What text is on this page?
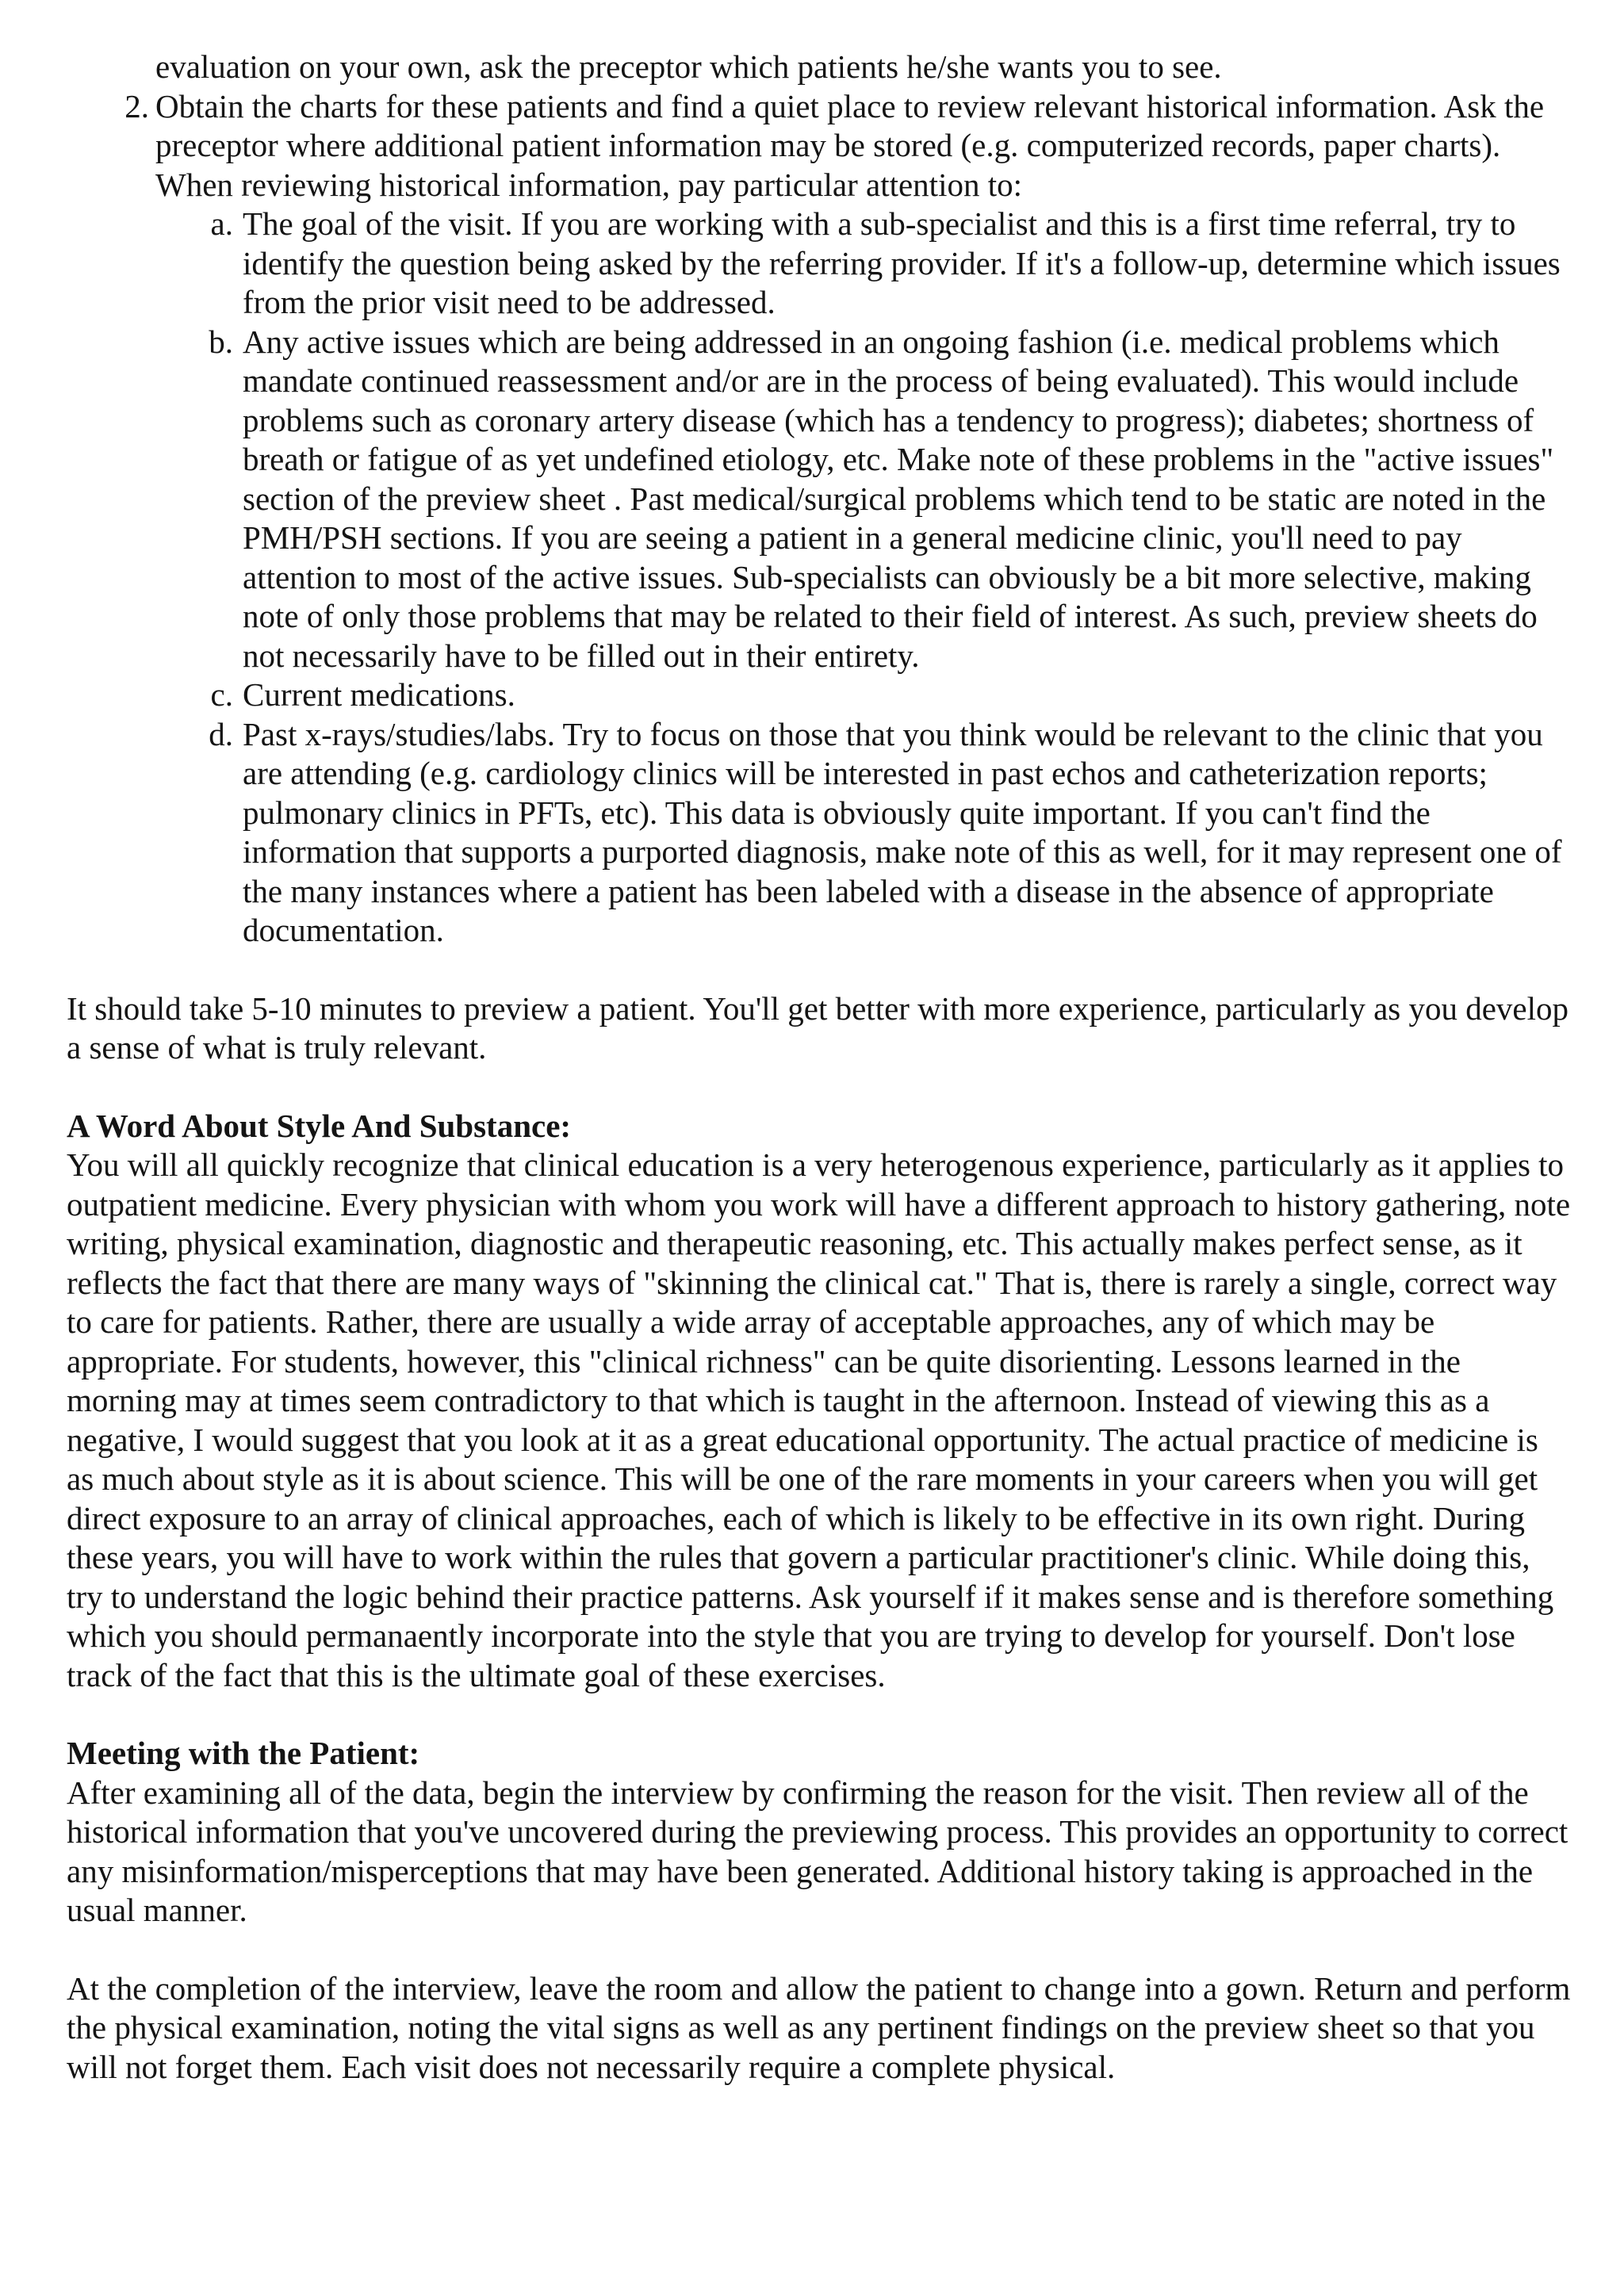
evaluation on your own, ask the preceptor which patients he/she wants you to see.

2. Obtain the charts for these patients and find a quiet place to review relevant historical information. Ask the preceptor where additional patient information may be stored (e.g. computerized records, paper charts). When reviewing historical information, pay particular attention to:
a. The goal of the visit. If you are working with a sub-specialist and this is a first time referral, try to identify the question being asked by the referring provider. If it's a follow-up, determine which issues from the prior visit need to be addressed.
b. Any active issues which are being addressed in an ongoing fashion (i.e. medical problems which mandate continued reassessment and/or are in the process of being evaluated). This would include problems such as coronary artery disease (which has a tendency to progress); diabetes; shortness of breath or fatigue of as yet undefined etiology, etc. Make note of these problems in the "active issues" section of the preview sheet . Past medical/surgical problems which tend to be static are noted in the PMH/PSH sections. If you are seeing a patient in a general medicine clinic, you'll need to pay attention to most of the active issues. Sub-specialists can obviously be a bit more selective, making note of only those problems that may be related to their field of interest. As such, preview sheets do not necessarily have to be filled out in their entirety.
c. Current medications.
d. Past x-rays/studies/labs. Try to focus on those that you think would be relevant to the clinic that you are attending (e.g. cardiology clinics will be interested in past echos and catheterization reports; pulmonary clinics in PFTs, etc). This data is obviously quite important. If you can't find the information that supports a purported diagnosis, make note of this as well, for it may represent one of the many instances where a patient has been labeled with a disease in the absence of appropriate documentation.

It should take 5-10 minutes to preview a patient. You'll get better with more experience, particularly as you develop a sense of what is truly relevant.

A Word About Style And Substance:

You will all quickly recognize that clinical education is a very heterogenous experience, particularly as it applies to outpatient medicine. Every physician with whom you work will have a different approach to history gathering, note writing, physical examination, diagnostic and therapeutic reasoning, etc. This actually makes perfect sense, as it reflects the fact that there are many ways of "skinning the clinical cat." That is, there is rarely a single, correct way to care for patients. Rather, there are usually a wide array of acceptable approaches, any of which may be appropriate. For students, however, this "clinical richness" can be quite disorienting. Lessons learned in the morning may at times seem contradictory to that which is taught in the afternoon. Instead of viewing this as a negative, I would suggest that you look at it as a great educational opportunity. The actual practice of medicine is as much about style as it is about science. This will be one of the rare moments in your careers when you will get direct exposure to an array of clinical approaches, each of which is likely to be effective in its own right. During these years, you will have to work within the rules that govern a particular practitioner's clinic. While doing this, try to understand the logic behind their practice patterns. Ask yourself if it makes sense and is therefore something which you should permanaently incorporate into the style that you are trying to develop for yourself. Don't lose track of the fact that this is the ultimate goal of these exercises.

Meeting with the Patient:

After examining all of the data, begin the interview by confirming the reason for the visit. Then review all of the historical information that you've uncovered during the previewing process. This provides an opportunity to correct any misinformation/misperceptions that may have been generated. Additional history taking is approached in the usual manner.

At the completion of the interview, leave the room and allow the patient to change into a gown. Return and perform the physical examination, noting the vital signs as well as any pertinent findings on the preview sheet so that you will not forget them. Each visit does not necessarily require a complete physical.
